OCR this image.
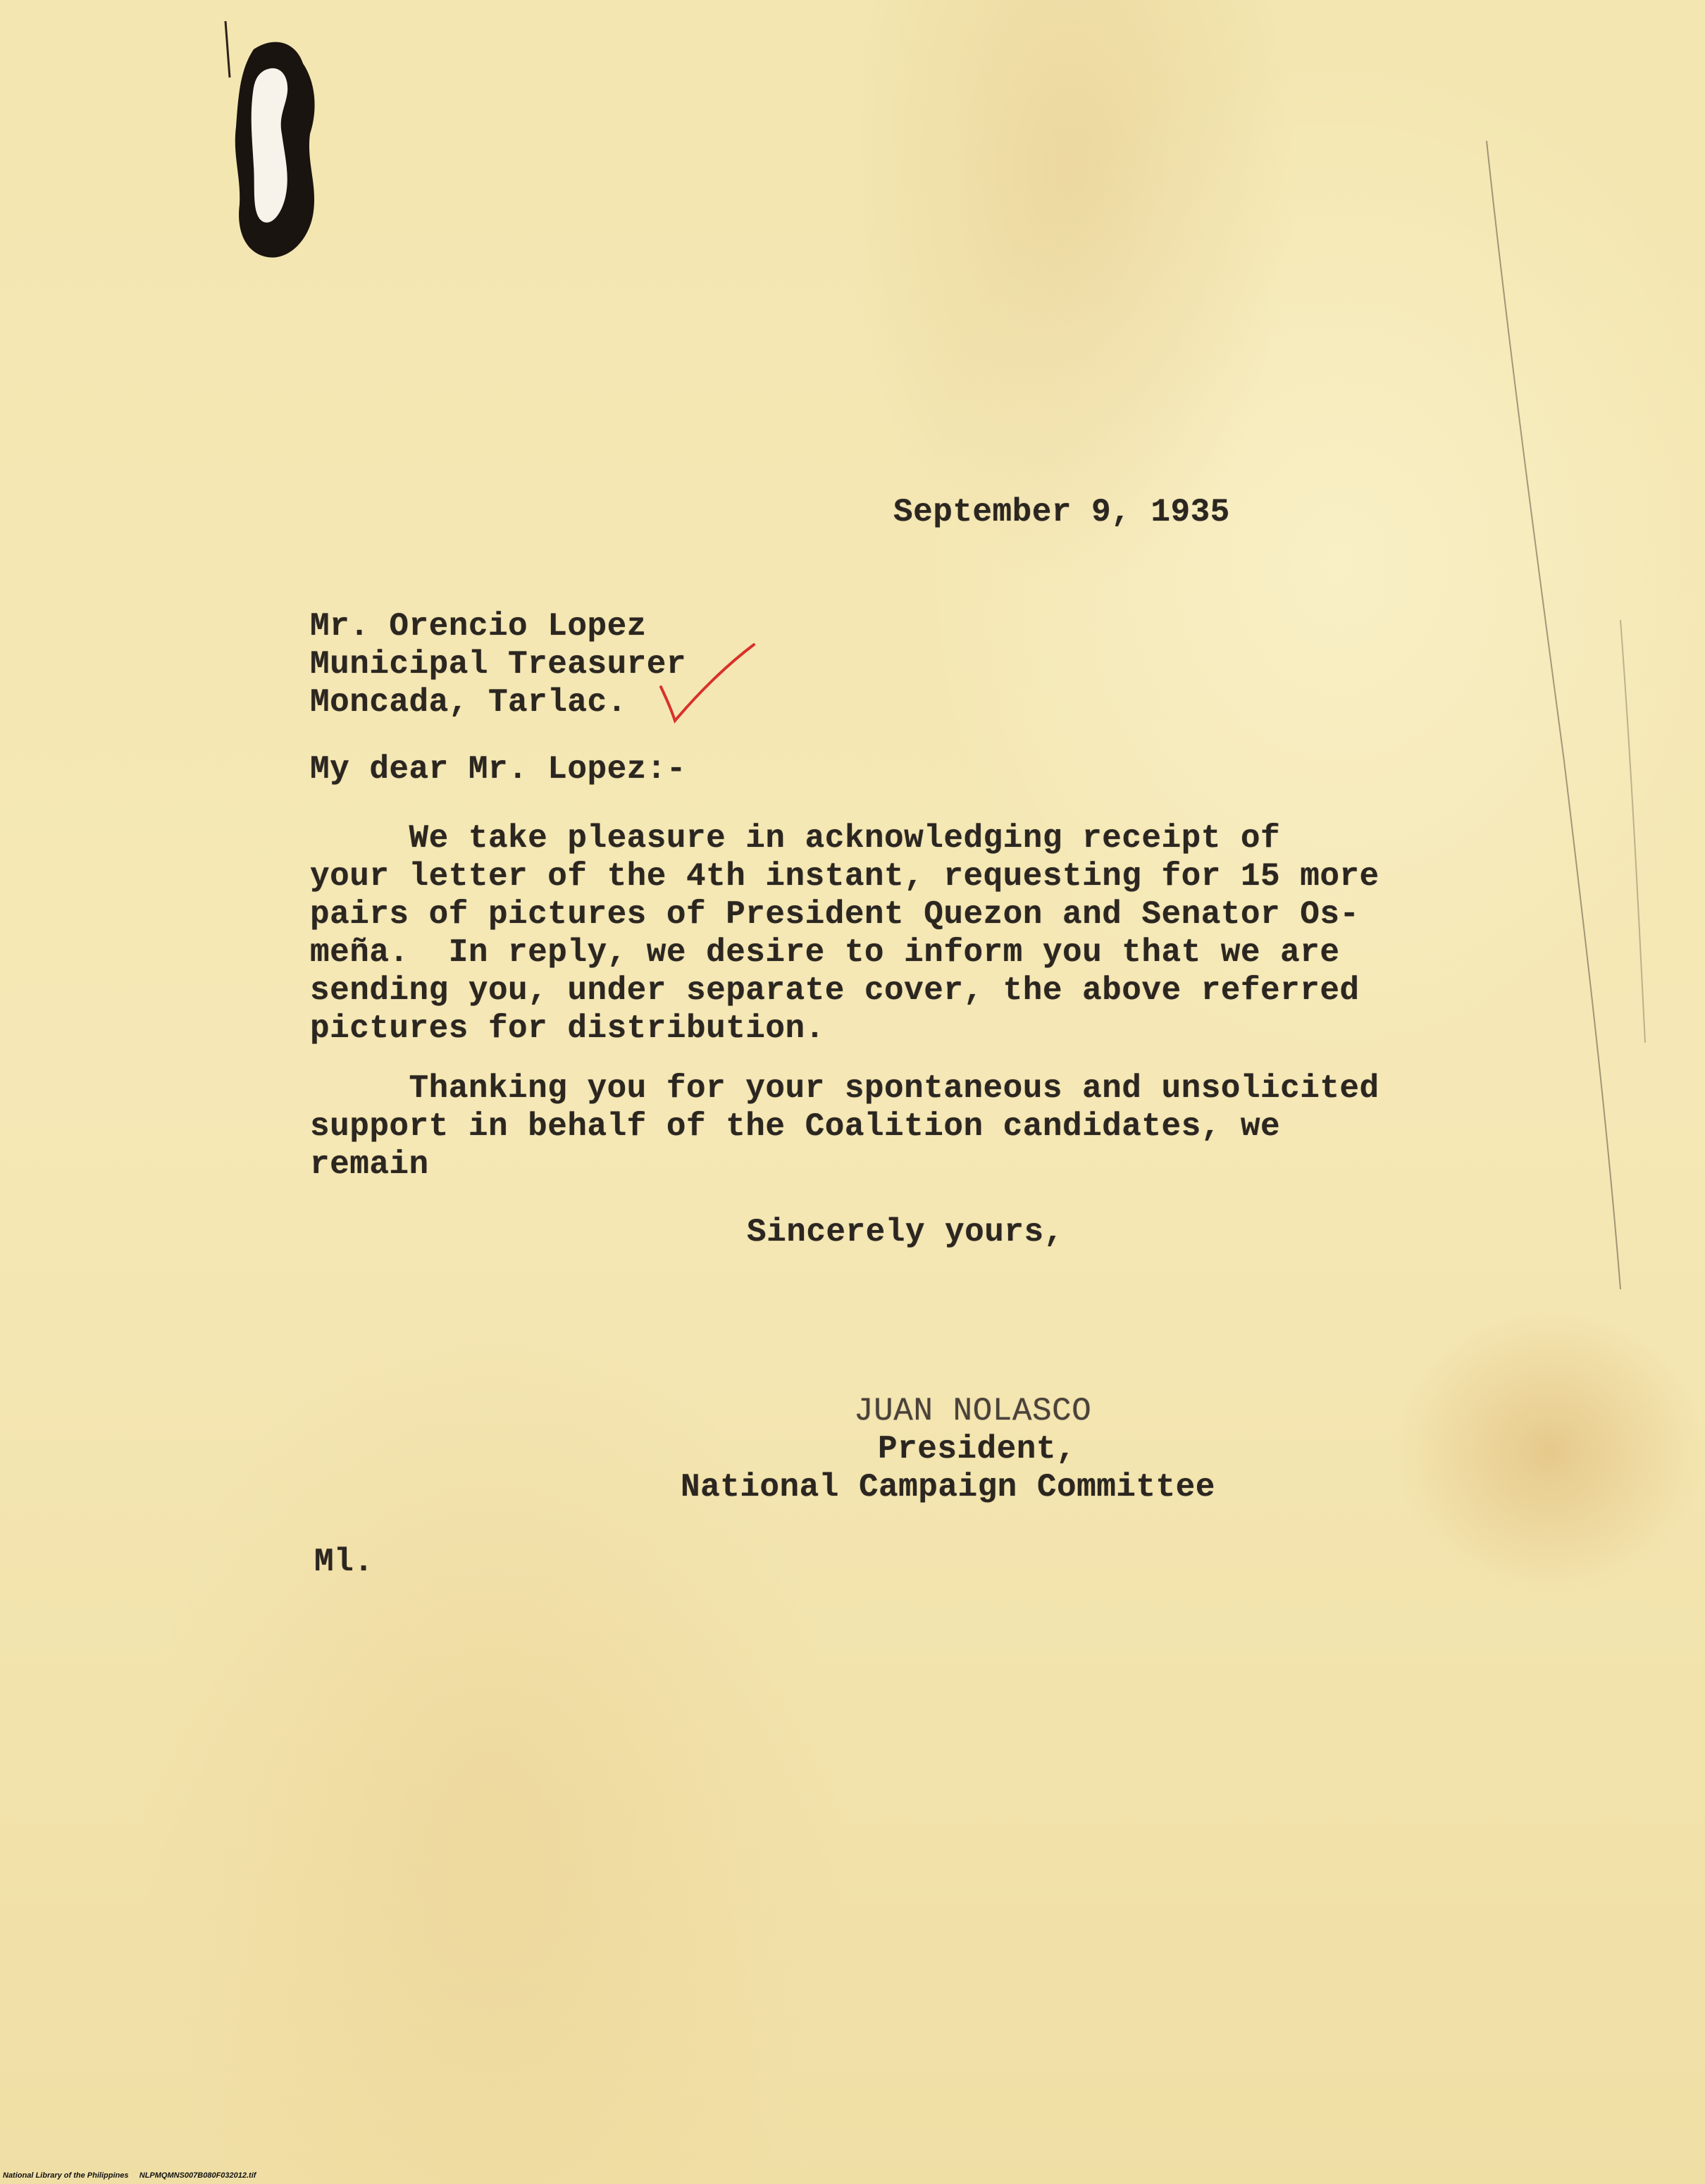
September 9, 1935
Mr. Orencio Lopez
Municipal Treasurer
Moncada, Tarlac.
My dear Mr. Lopez:-
We take pleasure in acknowledging receipt of
your letter of the 4th instant, requesting for 15 more
pairs of pictures of President Quezon and Senator Os-
meña.  In reply, we desire to inform you that we are
sending you, under separate cover, the above referred
pictures for distribution.
Thanking you for your spontaneous and unsolicited
support in behalf of the Coalition candidates, we
remain
Sincerely yours,
JUAN NOLASCO
President,
National Campaign Committee
Ml.
National Library of the Philippines NLPMQMNS007B080F032012.tif
